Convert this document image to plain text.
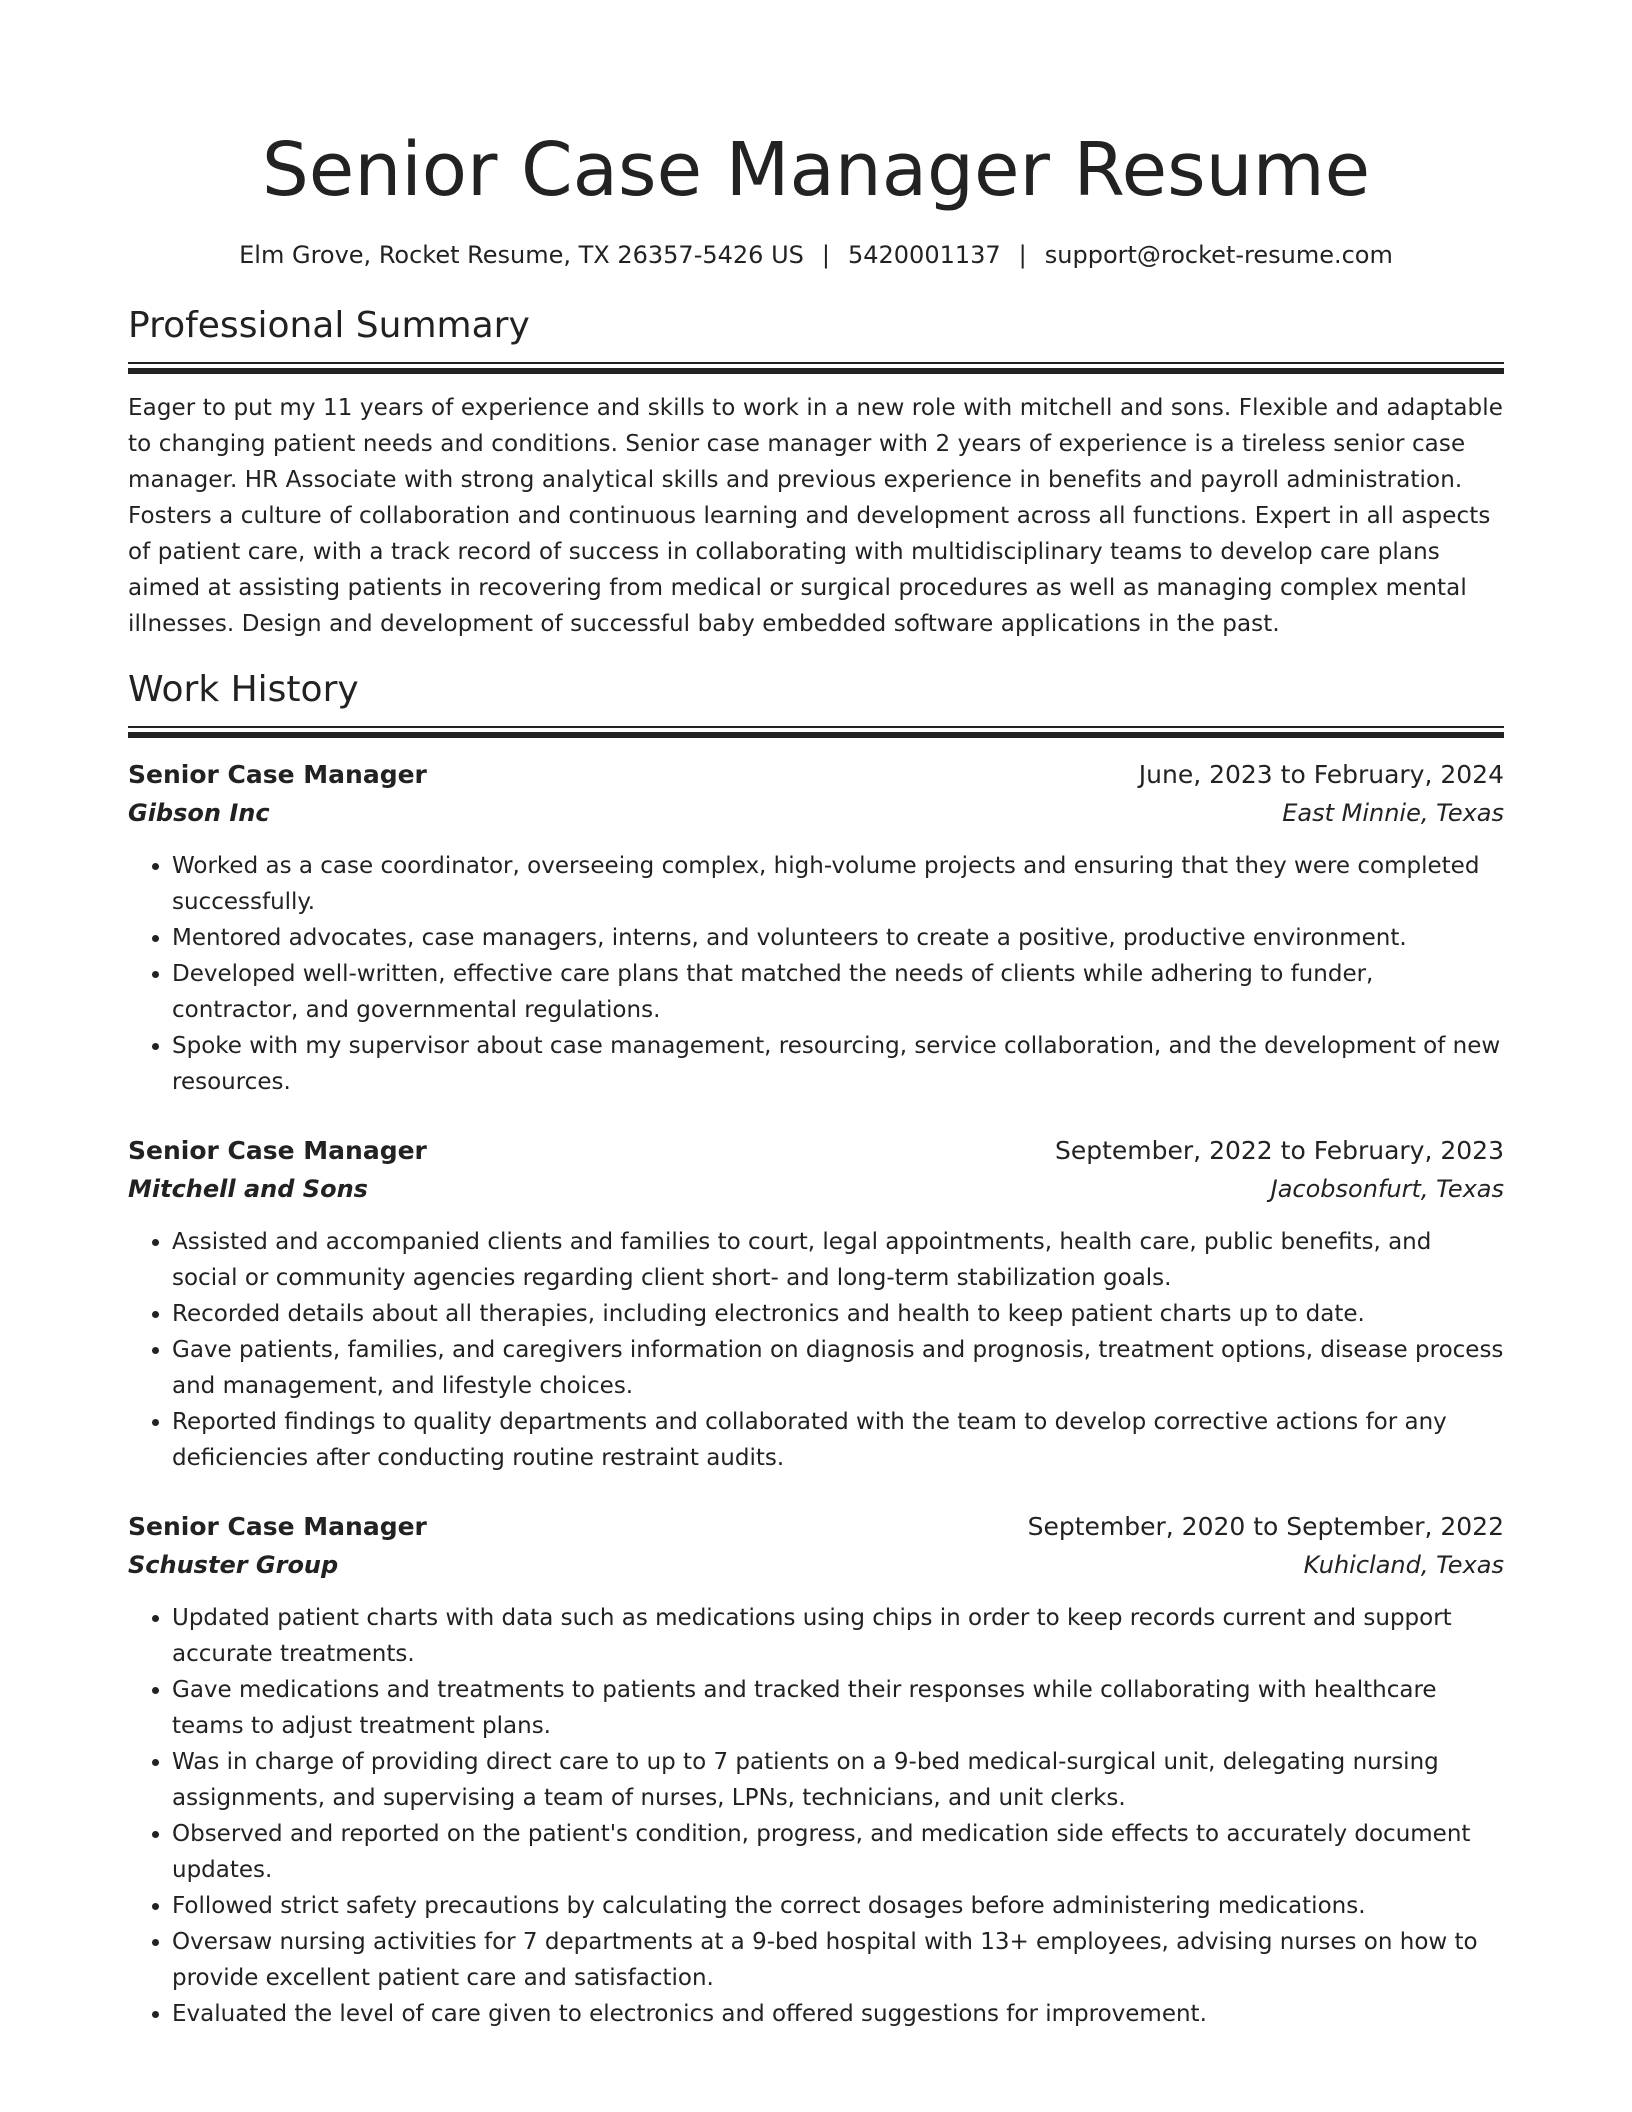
Senior Case Manager Resume
Elm Grove, Rocket Resume, TX 26357-5426 US | 5420001137 | support@rocket-resume.com
Professional Summary

Eager to put my 11 years of experience and skills to work in a new role with mitchell and sons. Flexible and adaptable to changing patient needs and conditions. Senior case manager with 2 years of experience is a tireless senior case manager. HR Associate with strong analytical skills and previous experience in benefits and payroll administration. Fosters a culture of collaboration and continuous learning and development across all functions. Expert in all aspects of patient care, with a track record of success in collaborating with multidisciplinary teams to develop care plans aimed at assisting patients in recovering from medical or surgical procedures as well as managing complex mental illnesses. Design and development of successful baby embedded software applications in the past.

Work History
Senior Case Manager	June, 2023 to February, 2024
Gibson Inc	East Minnie, Texas
• Worked as a case coordinator, overseeing complex, high-volume projects and ensuring that they were completed successfully.
• Mentored advocates, case managers, interns, and volunteers to create a positive, productive environment.
• Developed well-written, effective care plans that matched the needs of clients while adhering to funder, contractor, and governmental regulations.
• Spoke with my supervisor about case management, resourcing, service collaboration, and the development of new resources.
Senior Case Manager	September, 2022 to February, 2023
Mitchell and Sons	Jacobsonfurt, Texas
• Assisted and accompanied clients and families to court, legal appointments, health care, public benefits, and social or community agencies regarding client short- and long-term stabilization goals.
• Recorded details about all therapies, including electronics and health to keep patient charts up to date.
• Gave patients, families, and caregivers information on diagnosis and prognosis, treatment options, disease process and management, and lifestyle choices.
• Reported findings to quality departments and collaborated with the team to develop corrective actions for any deficiencies after conducting routine restraint audits.
Senior Case Manager	September, 2020 to September, 2022
Schuster Group	Kuhicland, Texas
• Updated patient charts with data such as medications using chips in order to keep records current and support accurate treatments.
• Gave medications and treatments to patients and tracked their responses while collaborating with healthcare teams to adjust treatment plans.
• Was in charge of providing direct care to up to 7 patients on a 9-bed medical-surgical unit, delegating nursing assignments, and supervising a team of nurses, LPNs, technicians, and unit clerks.
• Observed and reported on the patient's condition, progress, and medication side effects to accurately document updates.
• Followed strict safety precautions by calculating the correct dosages before administering medications.
• Oversaw nursing activities for 7 departments at a 9-bed hospital with 13+ employees, advising nurses on how to provide excellent patient care and satisfaction.
• Evaluated the level of care given to electronics and offered suggestions for improvement.
